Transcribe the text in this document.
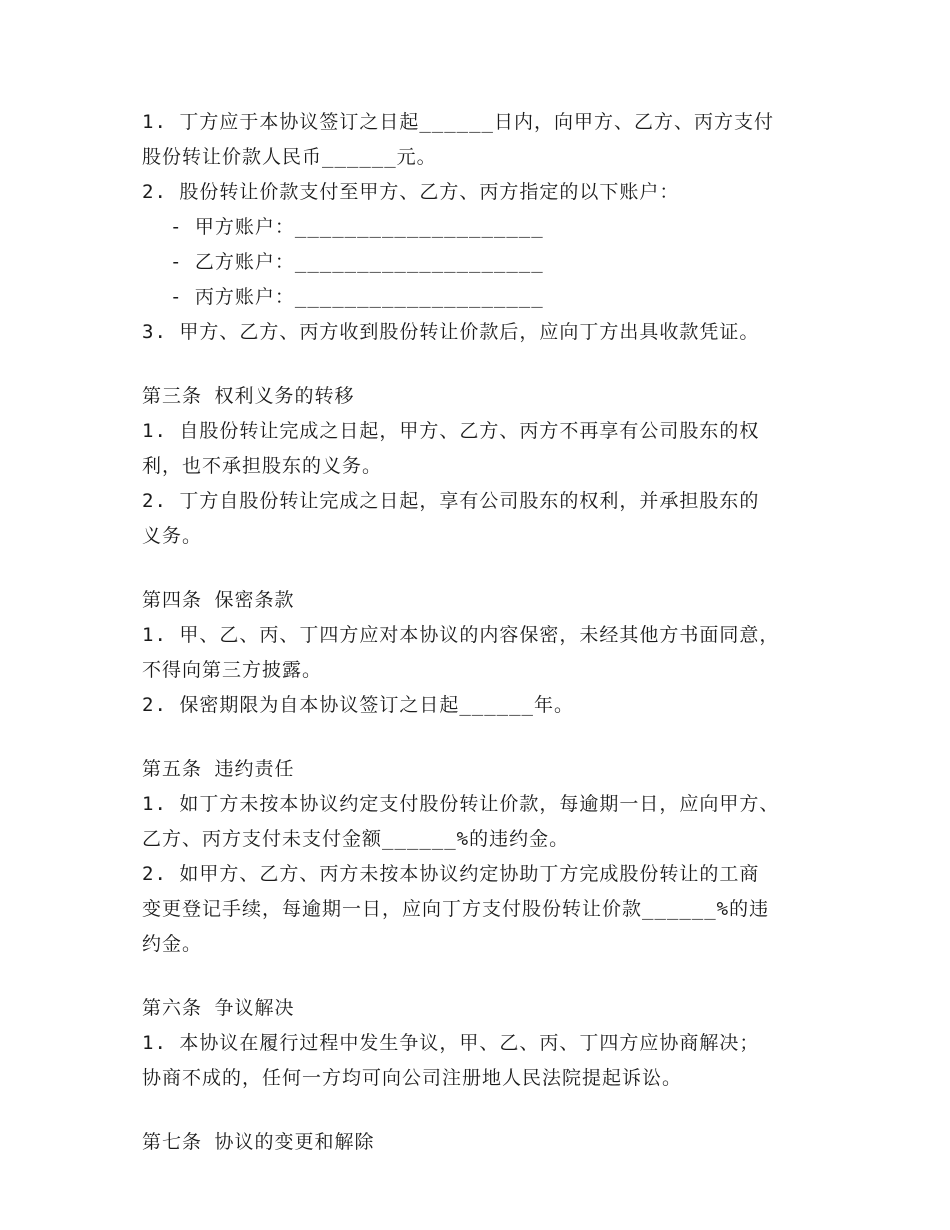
1. 丁方应于本协议签订之日起______日内，向甲方、乙方、丙方支付
股份转让价款人民币______元。
2. 股份转让价款支付至甲方、乙方、丙方指定的以下账户：
- 甲方账户：____________________
- 乙方账户：____________________
- 丙方账户：____________________
3. 甲方、乙方、丙方收到股份转让价款后，应向丁方出具收款凭证。
第三条 权利义务的转移
1. 自股份转让完成之日起，甲方、乙方、丙方不再享有公司股东的权
利，也不承担股东的义务。
2. 丁方自股份转让完成之日起，享有公司股东的权利，并承担股东的
义务。
第四条 保密条款
1. 甲、乙、丙、丁四方应对本协议的内容保密，未经其他方书面同意，
不得向第三方披露。
2. 保密期限为自本协议签订之日起______年。
第五条 违约责任
1. 如丁方未按本协议约定支付股份转让价款，每逾期一日，应向甲方、
乙方、丙方支付未支付金额______%的违约金。
2. 如甲方、乙方、丙方未按本协议约定协助丁方完成股份转让的工商
变更登记手续，每逾期一日，应向丁方支付股份转让价款______%的违
约金。
第六条 争议解决
1. 本协议在履行过程中发生争议，甲、乙、丙、丁四方应协商解决；
协商不成的，任何一方均可向公司注册地人民法院提起诉讼。
第七条 协议的变更和解除
